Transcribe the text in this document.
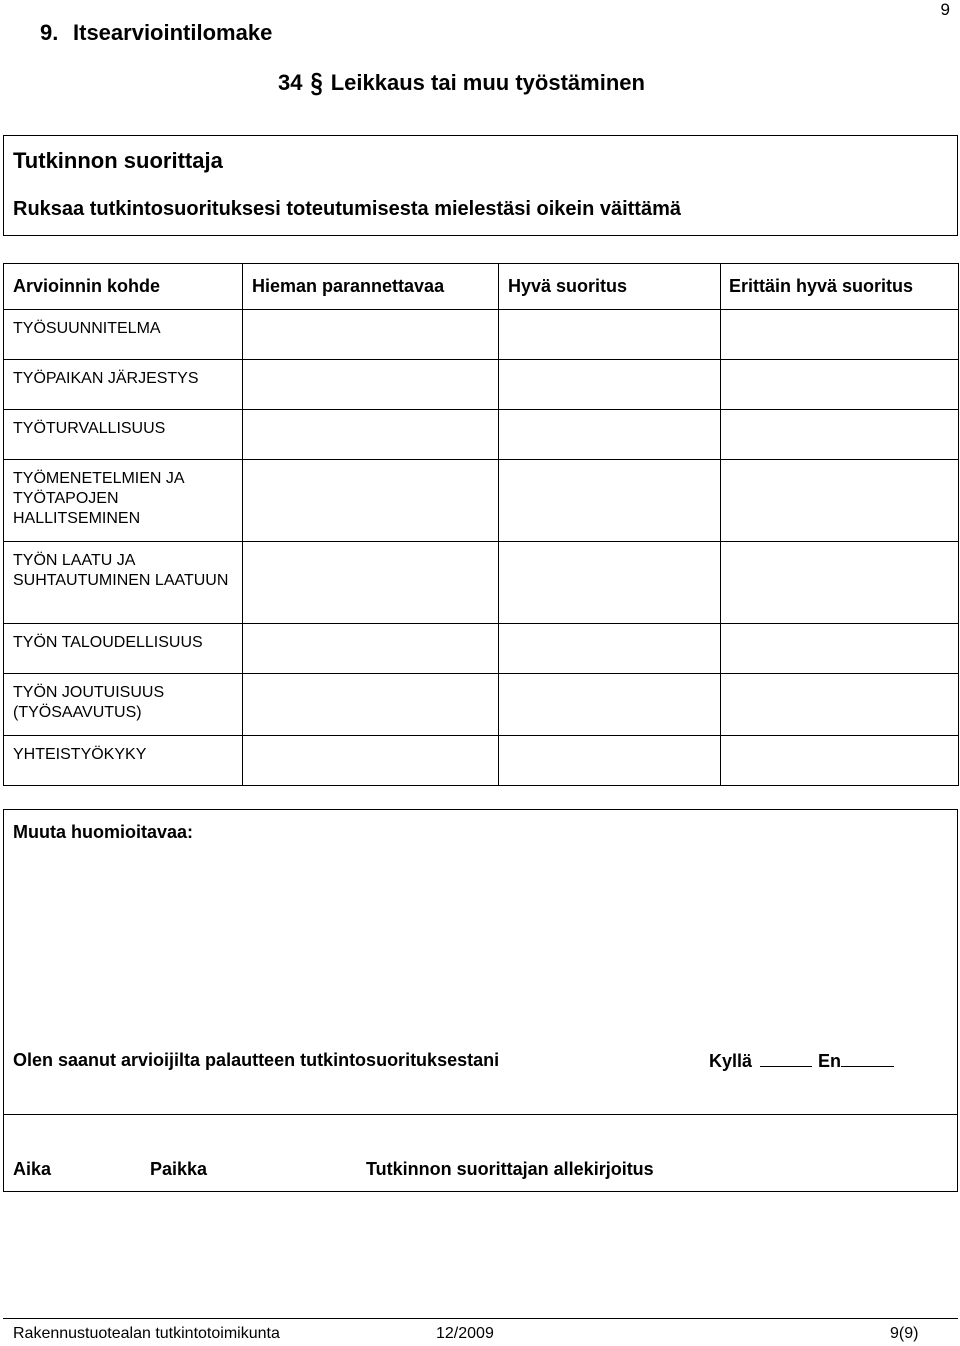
9
9. Itsearviointilomake
34 § Leikkaus tai muu työstäminen
Tutkinnon suorittaja
Ruksaa tutkintosuorituksesi toteutumisesta mielestäsi oikein väittämä
Arvioinnin kohde	Hieman parannettavaa	Hyvä suoritus	Erittäin hyvä suoritus
TYÖSUUNNITELMA			
TYÖPAIKAN JÄRJESTYS			
TYÖTURVALLISUUS			
TYÖMENETELMIEN JA TYÖTAPOJEN HALLITSEMINEN			
TYÖN LAATU JA SUHTAUTUMINEN LAATUUN			
TYÖN TALOUDELLISUUS			
TYÖN JOUTUISUUS (TYÖSAAVUTUS)			
YHTEISTYÖKYKY			
Muuta huomioitavaa:
Olen saanut arvioijilta palautteen tutkintosuorituksestani	Kyllä	En
Aika	Paikka	Tutkinnon suorittajan allekirjoitus
Rakennustuotealan tutkintotoimikunta	12/2009	9(9)
